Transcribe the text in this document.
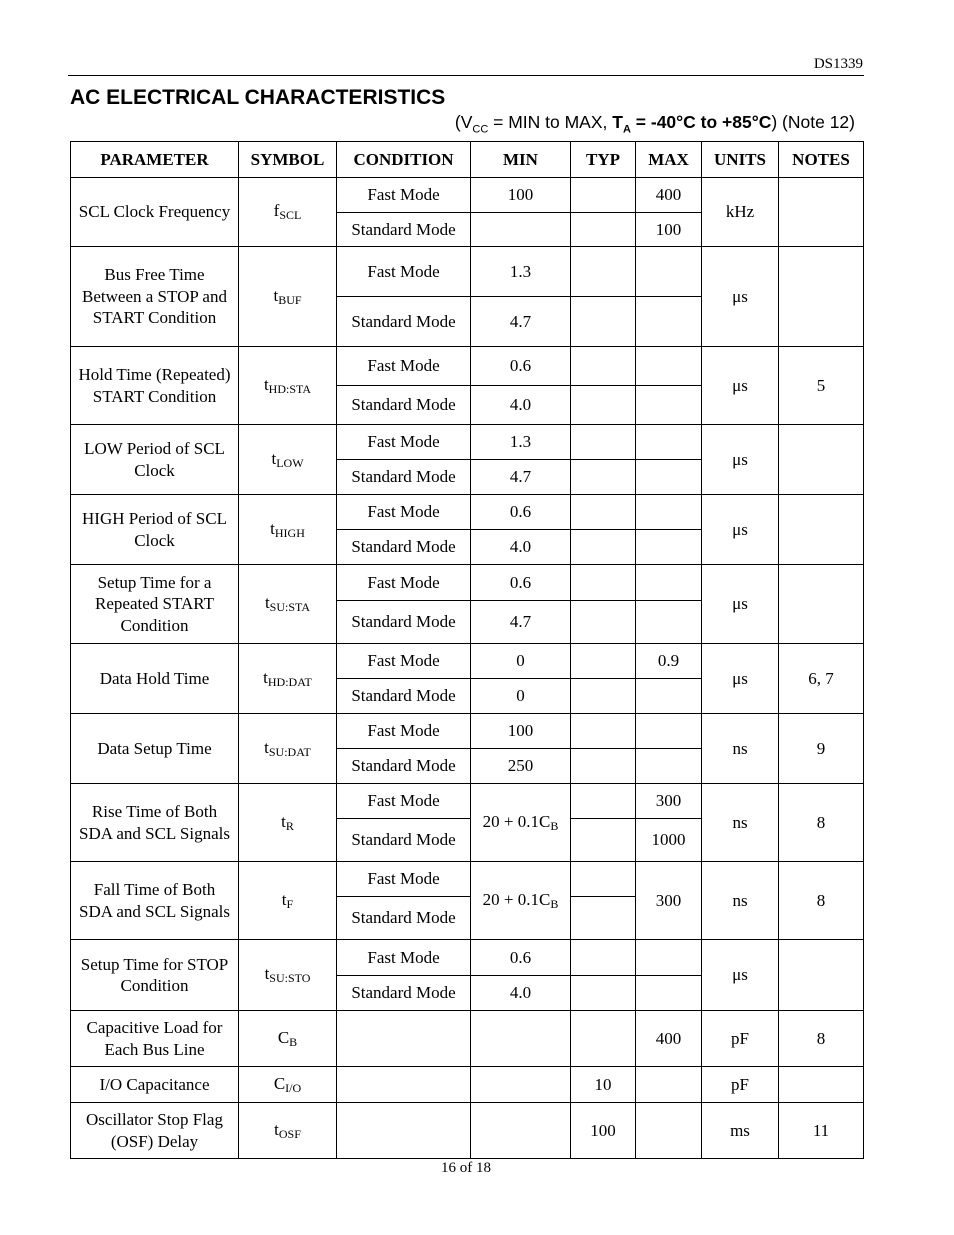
DS1339
AC ELECTRICAL CHARACTERISTICS
($V_{CC}$ = MIN to MAX, $T_A = -40^\circ C$ to +85°C) (Note 12)
PARAMETER	SYMBOL	CONDITION	MIN	TYP	MAX	UNITS	NOTES
SCL Clock Frequency	$f_{SCL}$	Fast Mode	100		400	kHz	
		Standard Mode			100		
Bus Free Time Between a STOP and START Condition	$t_{BUF}$	Fast Mode	1.3			μs	
		Standard Mode	4.7				
Hold Time (Repeated) START Condition	$t_{HD:STA}$	Fast Mode	0.6			μs	5
		Standard Mode	4.0				
LOW Period of SCL Clock	$t_{LOW}$	Fast Mode	1.3			μs	
		Standard Mode	4.7				
HIGH Period of SCL Clock	$t_{HIGH}$	Fast Mode	0.6			μs	
		Standard Mode	4.0				
Setup Time for a Repeated START Condition	$t_{SU:STA}$	Fast Mode	0.6			μs	
		Standard Mode	4.7				
Data Hold Time	$t_{HD:DAT}$	Fast Mode	0		0.9	μs	6, 7
		Standard Mode	0				
Data Setup Time	$t_{SU:DAT}$	Fast Mode	100			ns	9
		Standard Mode	250				
Rise Time of Both SDA and SCL Signals	$t_R$	Fast Mode	$20 + 0.1C_B$		300	ns	8
		Standard Mode			1000		
Fall Time of Both SDA and SCL Signals	$t_F$	Fast Mode	$20 + 0.1C_B$		300	ns	8
		Standard Mode					
Setup Time for STOP Condition	$t_{SU:STO}$	Fast Mode	0.6			μs	
		Standard Mode	4.0				
Capacitive Load for Each Bus Line	$C_B$				400	pF	8
I/O Capacitance	$C_{I/O}$			10		pF	
Oscillator Stop Flag (OSF) Delay	$t_{OSF}$			100		ms	11
16 of 18
